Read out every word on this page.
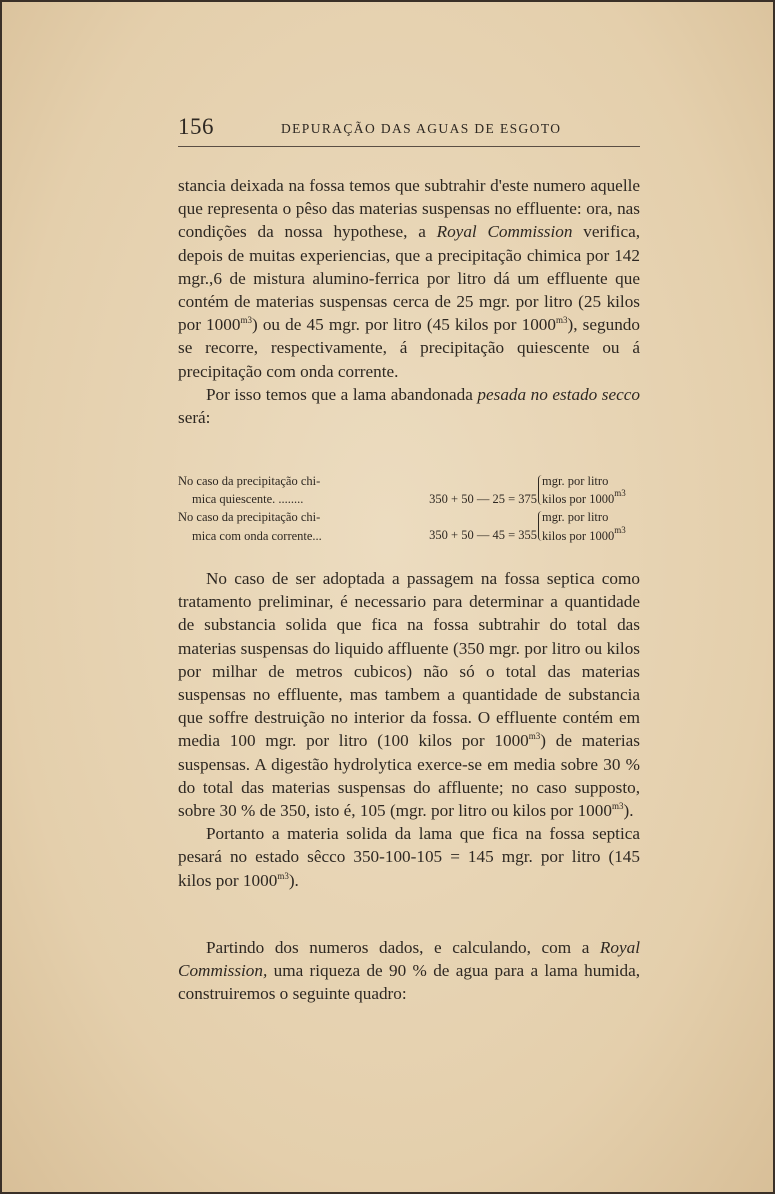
156	DEPURAÇÃO DAS AGUAS DE ESGOTO

stancia deixada na fossa temos que subtrahir d'este numero aquelle que representa o pêso das materias suspensas no effluente: ora, nas condições da nossa hypothese, a Royal Commission verifica, depois de muitas experiencias, que a precipitação chimica por 142 mgr.,6 de mistura alumino-ferrica por litro dá um effluente que contém de materias suspensas cerca de 25 mgr. por litro (25 kilos por $1000^{m3}$) ou de 45 mgr. por litro (45 kilos por $1000^{m3}$), segundo se recorre, respectivamente, á precipitação quiescente ou á precipitação com onda corrente.

Por isso temos que a lama abandonada pesada no estado secco será:

No caso da precipitação chi-
mica quiescente. ........	350 + 50 — 25 = 375
mgr. por litro
kilos por $1000^{m3}$
No caso da precipitação chi-
mica com onda corrente...	350 + 50 — 45 = 355
mgr. por litro
kilos por $1000^{m3}$

No caso de ser adoptada a passagem na fossa septica como tratamento preliminar, é necessario para determinar a quantidade de substancia solida que fica na fossa subtrahir do total das materias suspensas do liquido affluente (350 mgr. por litro ou kilos por milhar de metros cubicos) não só o total das materias suspensas no effluente, mas tambem a quantidade de substancia que soffre destruição no interior da fossa. O effluente contém em media 100 mgr. por litro (100 kilos por $1000^{m3}$) de materias suspensas. A digestão hydrolytica exerce-se em media sobre 30 % do total das materias suspensas do affluente; no caso supposto, sobre 30 % de 350, isto é, 105 (mgr. por litro ou kilos por $1000^{m3}$).

Portanto a materia solida da lama que fica na fossa septica pesará no estado sêcco 350-100-105 = 145 mgr. por litro (145 kilos por $1000^{m3}$).

Partindo dos numeros dados, e calculando, com a Royal Commission, uma riqueza de 90 % de agua para a lama humida, construiremos o seguinte quadro:
